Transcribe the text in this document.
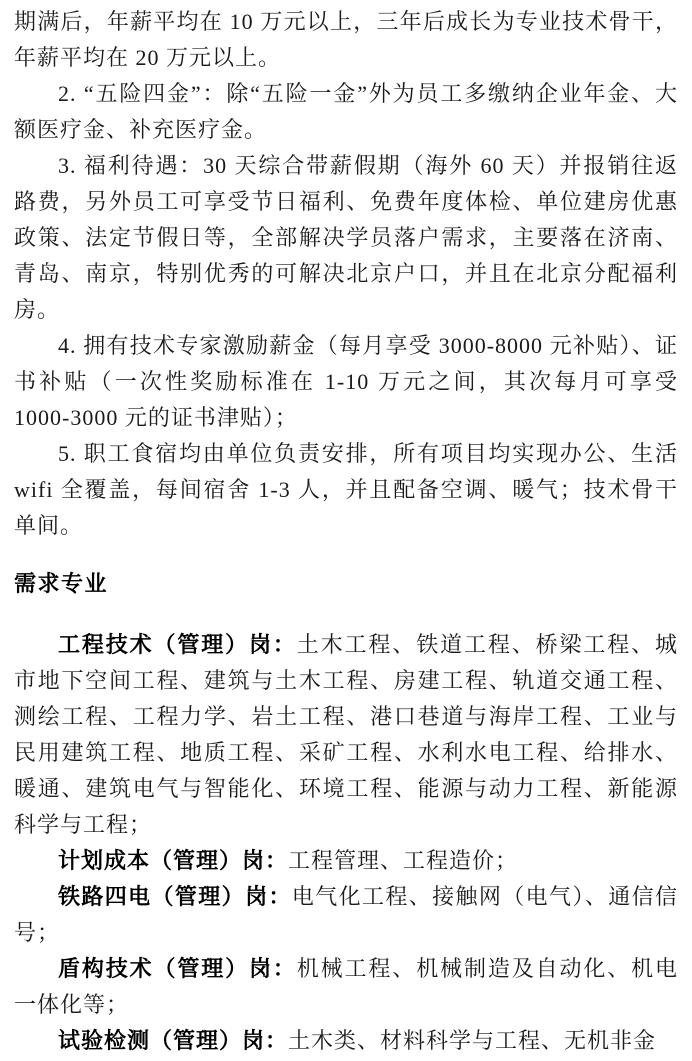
期满后，年薪平均在 10 万元以上，三年后成长为专业技术骨干，年薪平均在 20 万元以上。

2. “五险四金”：除“五险一金”外为员工多缴纳企业年金、大额医疗金、补充医疗金。

3. 福利待遇：30 天综合带薪假期（海外 60 天）并报销往返路费，另外员工可享受节日福利、免费年度体检、单位建房优惠政策、法定节假日等，全部解决学员落户需求，主要落在济南、青岛、南京，特别优秀的可解决北京户口，并且在北京分配福利房。

4. 拥有技术专家激励薪金（每月享受 3000-8000 元补贴）、证书补贴（一次性奖励标准在 1-10 万元之间，其次每月可享受 1000-3000 元的证书津贴）；

5. 职工食宿均由单位负责安排，所有项目均实现办公、生活 wifi 全覆盖，每间宿舍 1-3 人，并且配备空调、暖气；技术骨干单间。

需求专业

工程技术（管理）岗：土木工程、铁道工程、桥梁工程、城市地下空间工程、建筑与土木工程、房建工程、轨道交通工程、测绘工程、工程力学、岩土工程、港口巷道与海岸工程、工业与民用建筑工程、地质工程、采矿工程、水利水电工程、给排水、暖通、建筑电气与智能化、环境工程、能源与动力工程、新能源科学与工程；

计划成本（管理）岗：工程管理、工程造价；

铁路四电（管理）岗：电气化工程、接触网（电气）、通信信号；

盾构技术（管理）岗：机械工程、机械制造及自动化、机电一体化等；

试验检测（管理）岗：土木类、材料科学与工程、无机非金
